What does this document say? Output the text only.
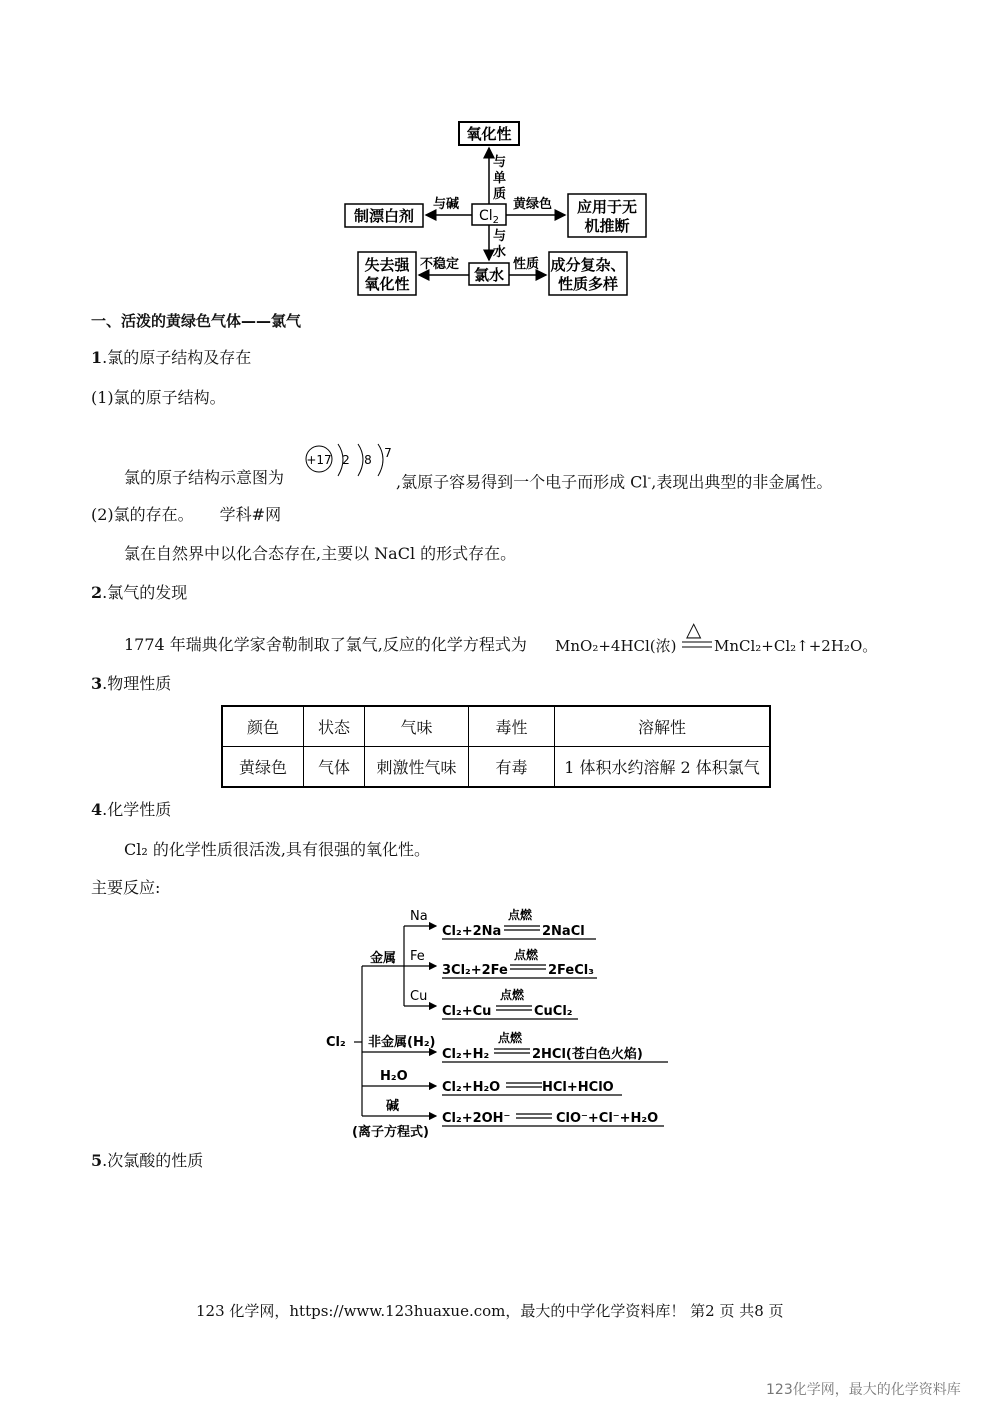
氧化性
$Cl_2$
制漂白剂	应用于无
机推断
氯水
失去强
氧化性
成分复杂、
性质多样
与
单
质
与碱	黄绿色
与
水
不稳定	性质
一、活泼的黄绿色气体——氯气
1.氯的原子结构及存在
(1)氯的原子结构。
氯的原子结构示意图为
+17 2 8 7
,氯原子容易得到一个电子而形成 Cl-,表现出典型的非金属性。
(2)氯的存在。 学科#网
氯在自然界中以化合态存在,主要以 NaCl 的形式存在。
2.氯气的发现
1774 年瑞典化学家舍勒制取了氯气,反应的化学方程式为 MnO₂+4HCl(浓)
△
MnCl₂+Cl₂↑+2H₂O。
3.物理性质
颜色	状态	气味	毒性	溶解性
黄绿色	气体	刺激性气味	有毒	1 体积水约溶解 2 体积氯气
4.化学性质
Cl₂ 的化学性质很活泼,具有很强的氧化性。
主要反应:
Cl₂
金属
Na
Fe
Cu
非金属(H₂)
H₂O
碱
(离子方程式)
Cl₂+2Na
点燃
2NaCl
3Cl₂+2Fe
点燃
2FeCl₃
Cl₂+Cu
点燃
CuCl₂
Cl₂+H₂
点燃
2HCl(苍白色火焰)
Cl₂+H₂O	HCl+HClO
Cl₂+2OH⁻	ClO⁻+Cl⁻+H₂O
5.次氯酸的性质
123 化学网，https://www.123huaxue.com，最大的中学化学资料库！ 第2 页 共8 页
123化学网，最大的化学资料库
